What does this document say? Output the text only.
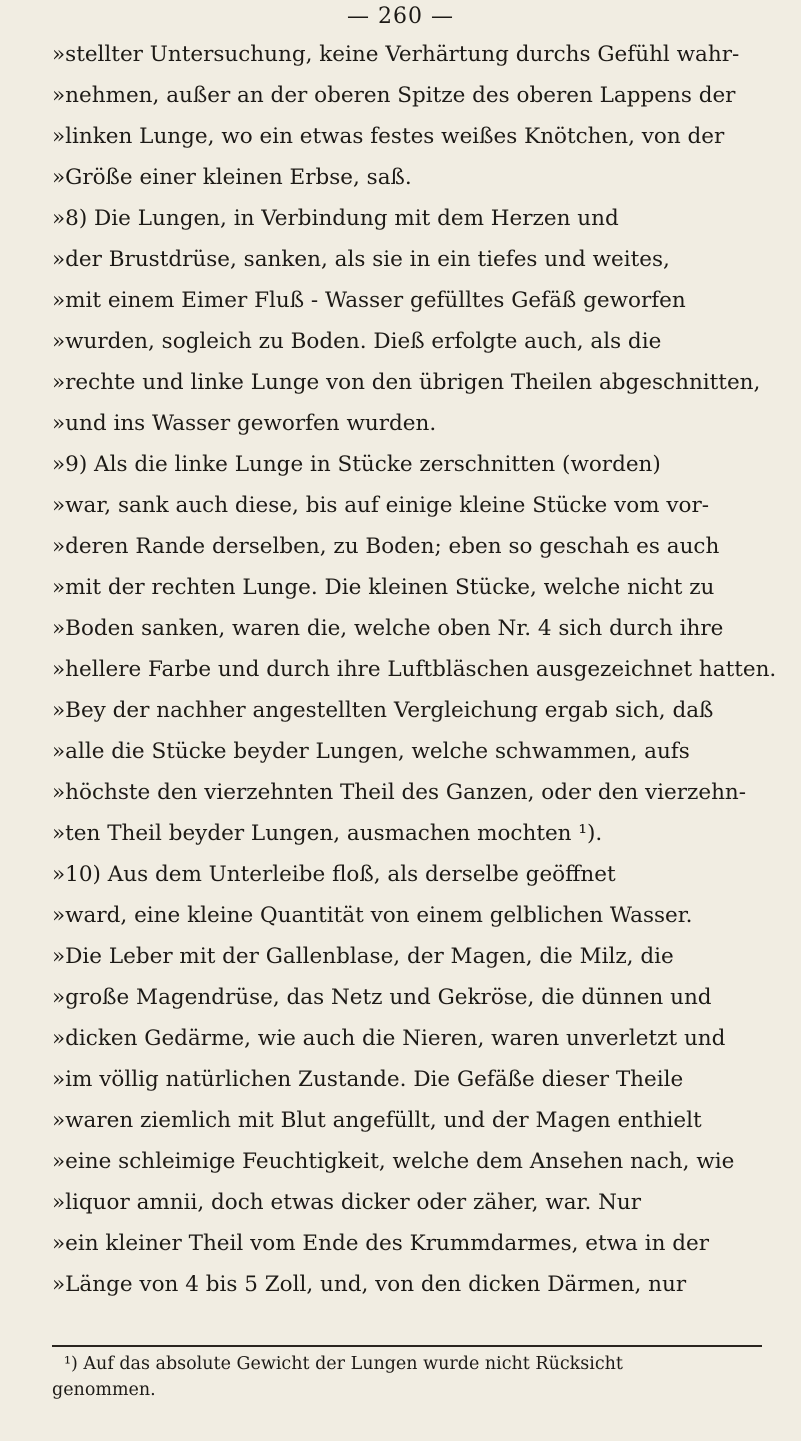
— 260 —
»stellter Untersuchung, keine Verhärtung durchs Gefühl wahr-
»nehmen, außer an der oberen Spitze des oberen Lappens der
»linken Lunge, wo ein etwas festes weißes Knötchen, von der
»Größe einer kleinen Erbse, saß.
»8) Die Lungen, in Verbindung mit dem Herzen und
»der Brustdrüse, sanken, als sie in ein tiefes und weites,
»mit einem Eimer Fluß - Wasser gefülltes Gefäß geworfen
»wurden, sogleich zu Boden. Dieß erfolgte auch, als die
»rechte und linke Lunge von den übrigen Theilen abgeschnitten,
»und ins Wasser geworfen wurden.
»9) Als die linke Lunge in Stücke zerschnitten (worden)
»war, sank auch diese, bis auf einige kleine Stücke vom vor-
»deren Rande derselben, zu Boden; eben so geschah es auch
»mit der rechten Lunge. Die kleinen Stücke, welche nicht zu
»Boden sanken, waren die, welche oben Nr. 4 sich durch ihre
»hellere Farbe und durch ihre Luftbläschen ausgezeichnet hatten.
»Bey der nachher angestellten Vergleichung ergab sich, daß
»alle die Stücke beyder Lungen, welche schwammen, aufs
»höchste den vierzehnten Theil des Ganzen, oder den vierzehn-
»ten Theil beyder Lungen, ausmachen mochten ¹).
»10) Aus dem Unterleibe floß, als derselbe geöffnet
»ward, eine kleine Quantität von einem gelblichen Wasser.
»Die Leber mit der Gallenblase, der Magen, die Milz, die
»große Magendrüse, das Netz und Gekröse, die dünnen und
»dicken Gedärme, wie auch die Nieren, waren unverletzt und
»im völlig natürlichen Zustande. Die Gefäße dieser Theile
»waren ziemlich mit Blut angefüllt, und der Magen enthielt
»eine schleimige Feuchtigkeit, welche dem Ansehen nach, wie
»liquor amnii, doch etwas dicker oder zäher, war. Nur
»ein kleiner Theil vom Ende des Krummdarmes, etwa in der
»Länge von 4 bis 5 Zoll, und, von den dicken Därmen, nur
¹) Auf das absolute Gewicht der Lungen wurde nicht Rücksicht
genommen.
